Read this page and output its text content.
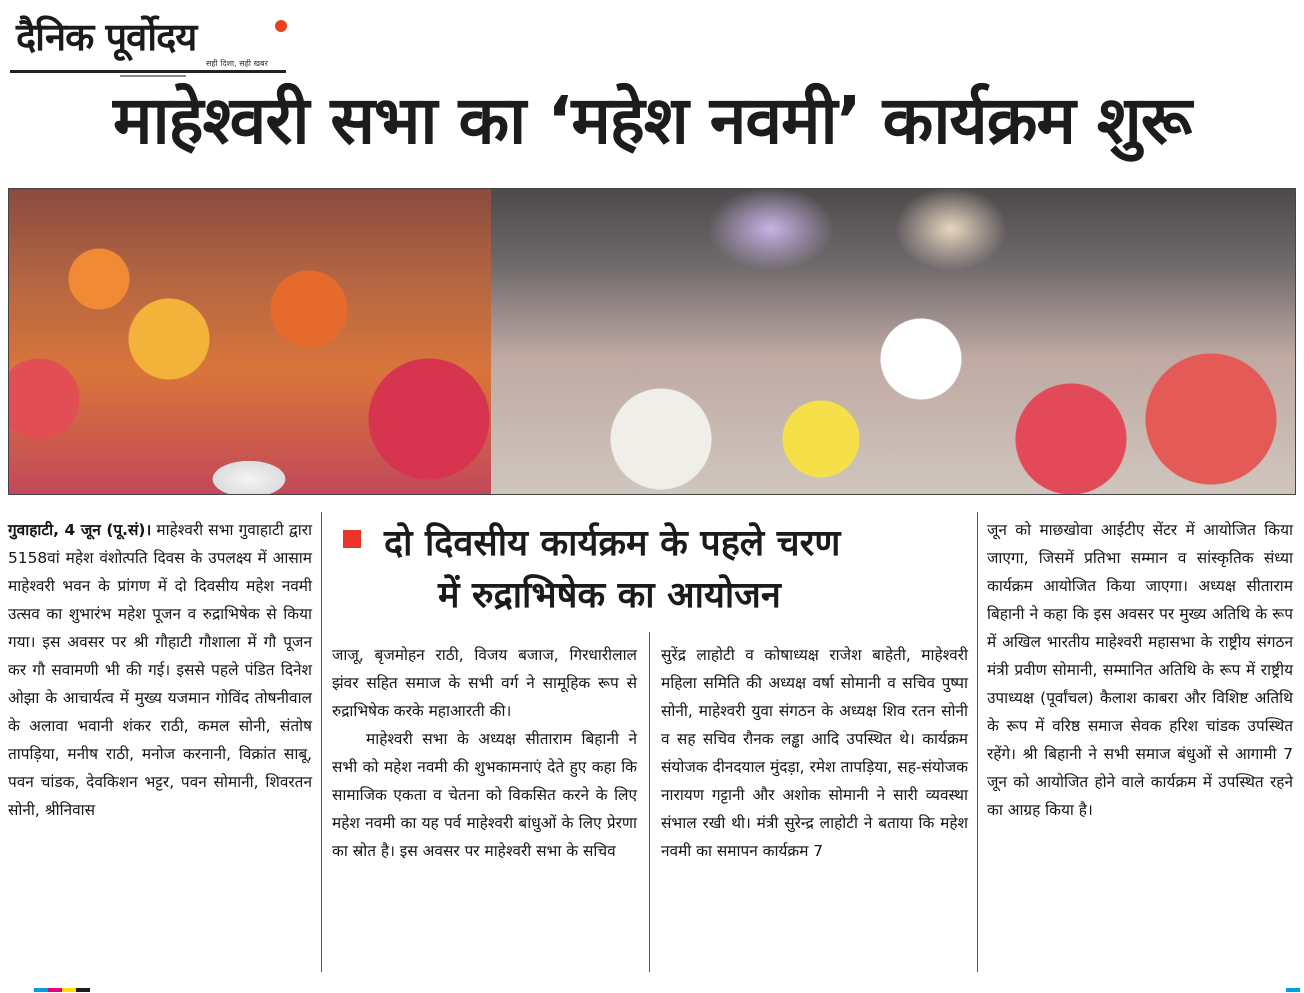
दैनिक पूर्वोदय
सही दिशा, सही खबर
माहेश्वरी सभा का ‘महेश नवमी’ कार्यक्रम शुरू

गुवाहाटी, 4 जून (पू.सं)। माहेश्वरी सभा गुवाहाटी द्वारा 5158वां महेश वंशोत्पति दिवस के उपलक्ष्य में आसाम माहेश्वरी भवन के प्रांगण में दो दिवसीय महेश नवमी उत्सव का शुभारंभ महेश पूजन व रुद्राभिषेक से किया गया। इस अवसर पर श्री गौहाटी गौशाला में गौ पूजन कर गौ सवामणी भी की गई। इससे पहले पंडित दिनेश ओझा के आचार्यत्व में मुख्य यजमान गोविंद तोषनीवाल के अलावा भवानी शंकर राठी, कमल सोनी, संतोष तापड़िया, मनीष राठी, मनोज करनानी, विक्रांत साबू, पवन चांडक, देवकिशन भट्टर, पवन सोमानी, शिवरतन सोनी, श्रीनिवास

दो दिवसीय कार्यक्रम के पहले चरण
में रुद्राभिषेक का आयोजन
जाजू, बृजमोहन राठी, विजय बजाज, गिरधारीलाल झंवर सहित समाज के सभी वर्ग ने सामूहिक रूप से रुद्राभिषेक करके महाआरती की।
माहेश्वरी सभा के अध्यक्ष सीताराम बिहानी ने सभी को महेश नवमी की शुभकामनाएं देते हुए कहा कि सामाजिक एकता व चेतना को विकसित करने के लिए महेश नवमी का यह पर्व माहेश्वरी बांधुओं के लिए प्रेरणा का स्रोत है। इस अवसर पर माहेश्वरी सभा के सचिव

सुरेंद्र लाहोटी व कोषाध्यक्ष राजेश बाहेती, माहेश्वरी महिला समिति की अध्यक्ष वर्षा सोमानी व सचिव पुष्पा सोनी, माहेश्वरी युवा संगठन के अध्यक्ष शिव रतन सोनी व सह सचिव रौनक लड्ढा आदि उपस्थित थे। कार्यक्रम संयोजक दीनदयाल मुंदड़ा, रमेश तापड़िया, सह-संयोजक नारायण गट्टानी और अशोक सोमानी ने सारी व्यवस्था संभाल रखी थी। मंत्री सुरेन्द्र लाहोटी ने बताया कि महेश नवमी का समापन कार्यक्रम 7

जून को माछखोवा आईटीए सेंटर में आयोजित किया जाएगा, जिसमें प्रतिभा सम्मान व सांस्कृतिक संध्या कार्यक्रम आयोजित किया जाएगा। अध्यक्ष सीताराम बिहानी ने कहा कि इस अवसर पर मुख्य अतिथि के रूप में अखिल भारतीय माहेश्वरी महासभा के राष्ट्रीय संगठन मंत्री प्रवीण सोमानी, सम्मानित अतिथि के रूप में राष्ट्रीय उपाध्यक्ष (पूर्वांचल) कैलाश काबरा और विशिष्ट अतिथि के रूप में वरिष्ठ समाज सेवक हरिश चांडक उपस्थित रहेंगे। श्री बिहानी ने सभी समाज बंधुओं से आगामी 7 जून को आयोजित होने वाले कार्यक्रम में उपस्थित रहने का आग्रह किया है।
